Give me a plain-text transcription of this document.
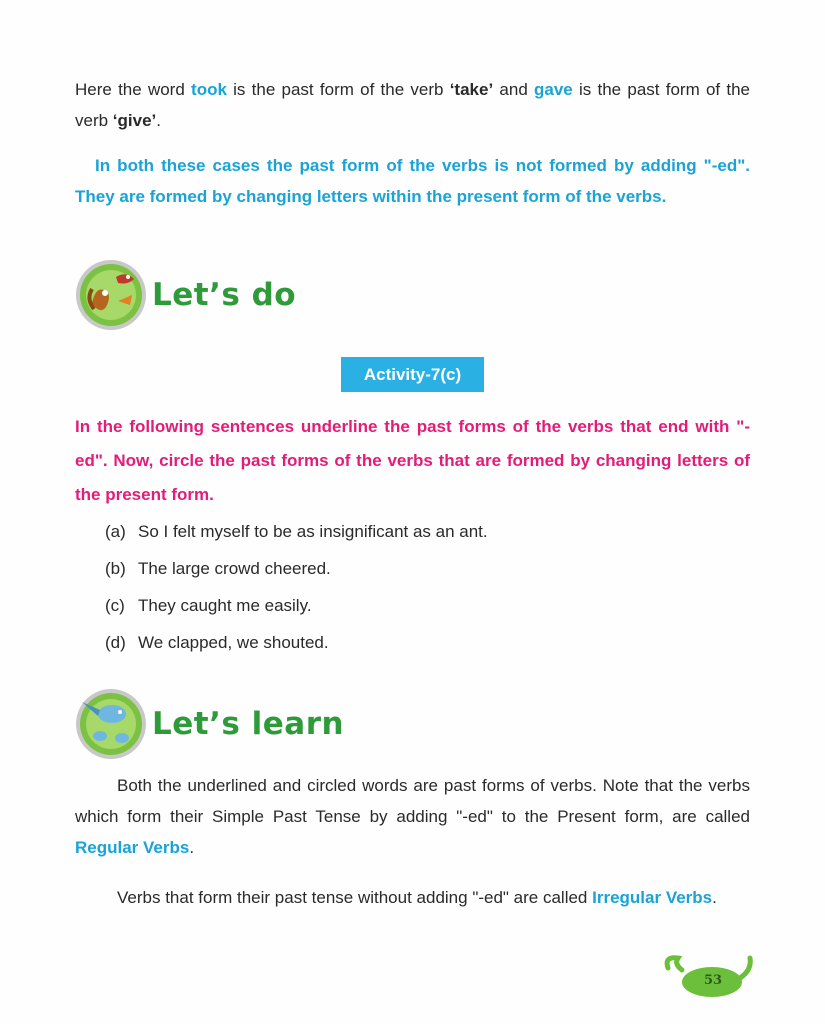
Here the word took is the past form of the verb ‘take’ and gave is the past form of the verb ‘give’.

In both these cases the past form of the verbs is not formed by adding "-ed". They are formed by changing letters within the present form of the verbs.

Let’s do
Activity-7(c)

In the following sentences underline the past forms of the verbs that end with "-ed". Now, circle the past forms of the verbs that are formed by changing letters of the present form.

(a) So I felt myself to be as insignificant as an ant.
(b) The large crowd cheered.
(c) They caught me easily.
(d) We clapped, we shouted.
Let’s learn

Both the underlined and circled words are past forms of verbs. Note that the verbs which form their Simple Past Tense by adding "-ed" to the Present form, are called Regular Verbs.

Verbs that form their past tense without adding "-ed" are called Irregular Verbs.

53
